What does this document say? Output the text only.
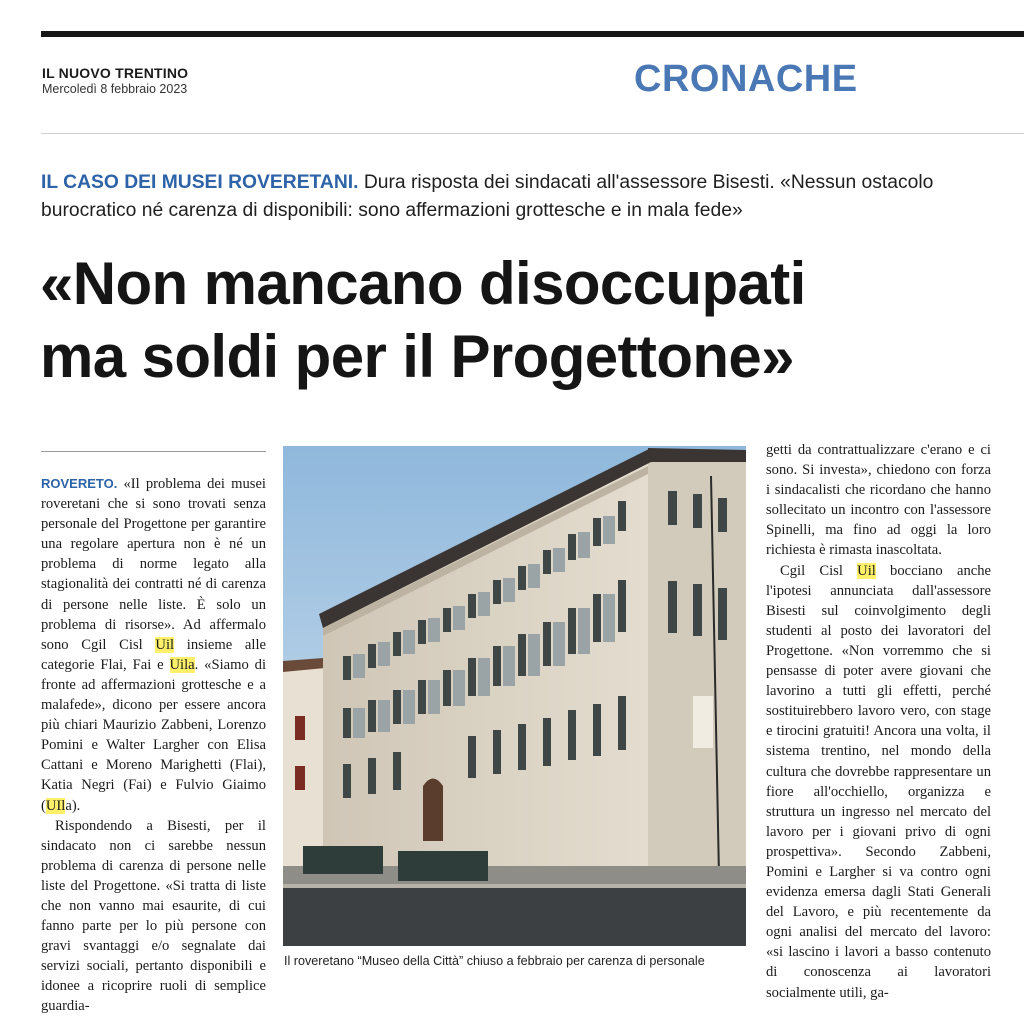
IL NUOVO TRENTINO
Mercoledì 8 febbraio 2023	CRONACHE
IL CASO DEI MUSEI ROVERETANI. Dura risposta dei sindacati all'assessore Bisesti. «Nessun ostacolo burocratico né carenza di disponibili: sono affermazioni grottesche e in mala fede»
«Non mancano disoccupati
ma soldi per il Progettone»

ROVERETO. «Il problema dei musei roveretani che si sono trovati senza personale del Progettone per garantire una regolare apertura non è né un problema di norme legato alla stagionalità dei contratti né di carenza di persone nelle liste. È solo un problema di risorse». Ad affermalo sono Cgil Cisl Uil insieme alle categorie Flai, Fai e Uila. «Siamo di fronte ad affermazioni grottesche e a malafede», dicono per essere ancora più chiari Maurizio Zabbeni, Lorenzo Pomini e Walter Largher con Elisa Cattani e Moreno Marighetti (Flai), Katia Negri (Fai) e Fulvio Giaimo (UIla).

Rispondendo a Bisesti, per il sindacato non ci sarebbe nessun problema di carenza di persone nelle liste del Progettone. «Si tratta di liste che non vanno mai esaurite, di cui fanno parte per lo più persone con gravi svantaggi e/o segnalate dai servizi sociali, pertanto disponibili e idonee a ricoprire ruoli di semplice guardia-

Il roveretano “Museo della Città” chiuso a febbraio per carenza di personale

getti da contrattualizzare c'erano e ci sono. Si investa», chiedono con forza i sindacalisti che ricordano che hanno sollecitato un incontro con l'assessore Spinelli, ma fino ad oggi la loro richiesta è rimasta inascoltata.

Cgil Cisl Uil bocciano anche l'ipotesi annunciata dall'assessore Bisesti sul coinvolgimento degli studenti al posto dei lavoratori del Progettone. «Non vorremmo che si pensasse di poter avere giovani che lavorino a tutti gli effetti, perché sostituirebbero lavoro vero, con stage e tirocini gratuiti! Ancora una volta, il sistema trentino, nel mondo della cultura che dovrebbe rappresentare un fiore all'occhiello, organizza e struttura un ingresso nel mercato del lavoro per i giovani privo di ogni prospettiva». Secondo Zabbeni, Pomini e Largher si va contro ogni evidenza emersa dagli Stati Generali del Lavoro, e più recentemente da ogni analisi del mercato del lavoro: «si lascino i lavori a basso contenuto di conoscenza ai lavoratori socialmente utili, ga-
